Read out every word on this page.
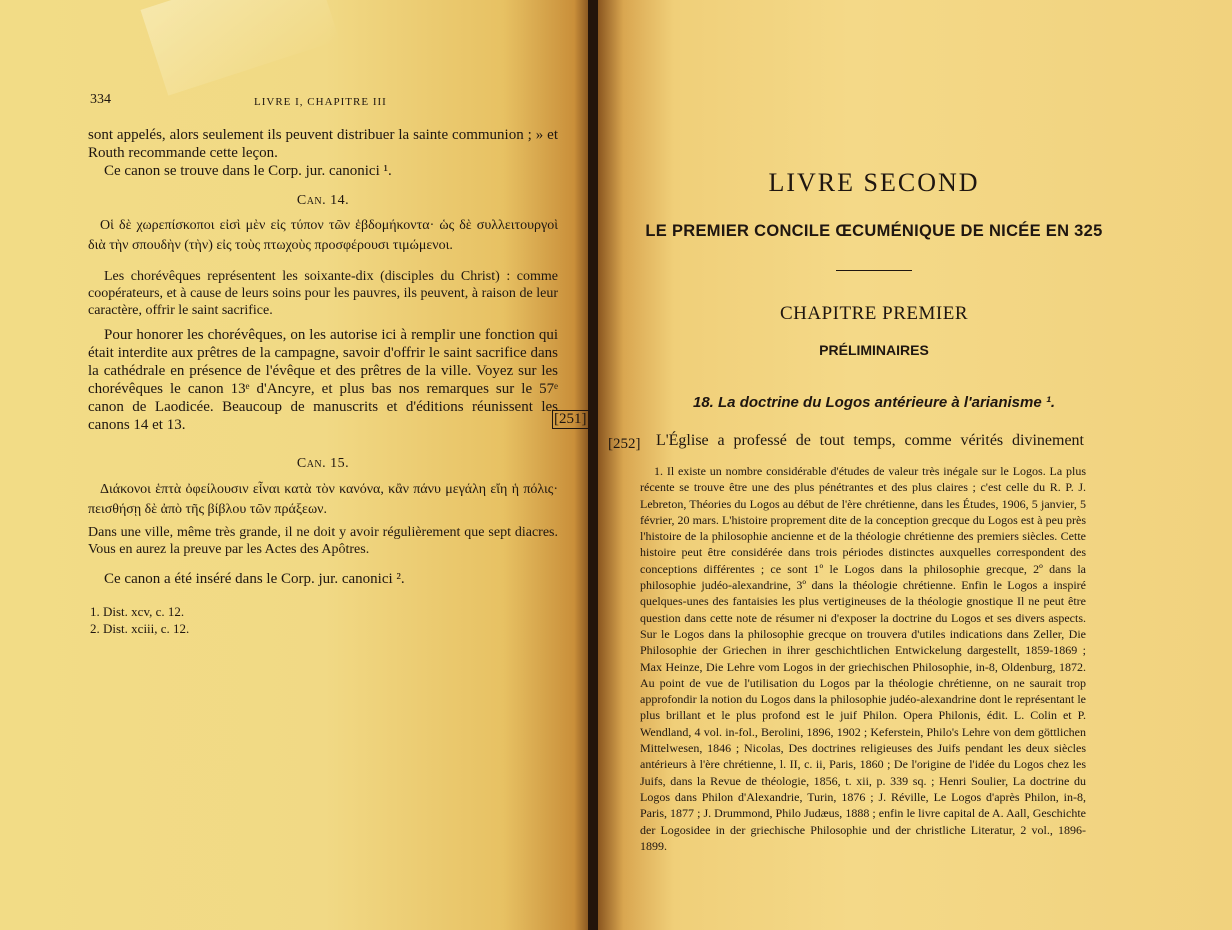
334	LIVRE I, CHAPITRE III
sont appelés, alors seulement ils peuvent distribuer la sainte communion ; » et Routh recommande cette leçon.
Ce canon se trouve dans le Corp. jur. canonici ¹.
Can. 14.
Οἱ δὲ χωρεπίσκοποι εἰσὶ μὲν εἰς τύπον τῶν ἑβδομήκοντα· ὡς δὲ συλλειτουργοὶ διὰ τὴν σπουδὴν (τὴν) εἰς τοὺς πτωχοὺς προσφέρουσι τιμώμενοι.
Les chorévêques représentent les soixante-dix (disciples du Christ) : comme coopérateurs, et à cause de leurs soins pour les pauvres, ils peuvent, à raison de leur caractère, offrir le saint sacrifice.
Pour honorer les chorévêques, on les autorise ici à remplir une fonction qui était interdite aux prêtres de la campagne, savoir d'offrir le saint sacrifice dans la cathédrale en présence de l'évêque et des prêtres de la ville. Voyez sur les chorévêques le canon 13ᵉ d'Ancyre, et plus bas nos remarques sur le 57ᵉ canon de Laodicée. Beaucoup de manuscrits et d'éditions réunissent les canons 14 et 13.	[251]
Can. 15.
Διάκονοι ἑπτὰ ὀφείλουσιν εἶναι κατὰ τὸν κανόνα, κἂν πάνυ μεγάλη εἴη ἡ πόλις· πεισθήσῃ δὲ ἀπὸ τῆς βίβλου τῶν πράξεων.
Dans une ville, même très grande, il ne doit y avoir régulièrement que sept diacres. Vous en aurez la preuve par les Actes des Apôtres.
Ce canon a été inséré dans le Corp. jur. canonici ².
1. Dist. xcv, c. 12.
2. Dist. xciii, c. 12.
LIVRE SECOND
LE PREMIER CONCILE ŒCUMÉNIQUE DE NICÉE EN 325
CHAPITRE PREMIER
PRÉLIMINAIRES
18. La doctrine du Logos antérieure à l'arianisme ¹.
[252] L'Église a professé de tout temps, comme vérités divinement
1. Il existe un nombre considérable d'études de valeur très inégale sur le Logos. La plus récente se trouve être une des plus pénétrantes et des plus claires ; c'est celle du R. P. J. Lebreton, Théories du Logos au début de l'ère chrétienne, dans les Études, 1906, 5 janvier, 5 février, 20 mars. L'histoire proprement dite de la conception grecque du Logos est à peu près l'histoire de la philosophie ancienne et de la théologie chrétienne des premiers siècles. Cette histoire peut être considérée dans trois périodes distinctes auxquelles correspondent des conceptions différentes ; ce sont 1º le Logos dans la philosophie grecque, 2º dans la philosophie judéo-alexandrine, 3º dans la théologie chrétienne. Enfin le Logos a inspiré quelques-unes des fantaisies les plus vertigineuses de la théologie gnostique Il ne peut être question dans cette note de résumer ni d'exposer la doctrine du Logos et ses divers aspects. Sur le Logos dans la philosophie grecque on trouvera d'utiles indications dans Zeller, Die Philosophie der Griechen in ihrer geschichtlichen Entwickelung dargestellt, 1859-1869 ; Max Heinze, Die Lehre vom Logos in der griechischen Philosophie, in-8, Oldenburg, 1872. Au point de vue de l'utilisation du Logos par la théologie chrétienne, on ne saurait trop approfondir la notion du Logos dans la philosophie judéo-alexandrine dont le représentant le plus brillant et le plus profond est le juif Philon. Opera Philonis, édit. L. Colin et P. Wendland, 4 vol. in-fol., Berolini, 1896, 1902 ; Keferstein, Philo's Lehre von dem göttlichen Mittelwesen, 1846 ; Nicolas, Des doctrines religieuses des Juifs pendant les deux siècles antérieurs à l'ère chrétienne, l. II, c. ii, Paris, 1860 ; De l'origine de l'idée du Logos chez les Juifs, dans la Revue de théologie, 1856, t. xii, p. 339 sq. ; Henri Soulier, La doctrine du Logos dans Philon d'Alexandrie, Turin, 1876 ; J. Réville, Le Logos d'après Philon, in-8, Paris, 1877 ; J. Drummond, Philo Judæus, 1888 ; enfin le livre capital de A. Aall, Geschichte der Logosidee in der griechische Philosophie und der christliche Literatur, 2 vol., 1896-1899.
